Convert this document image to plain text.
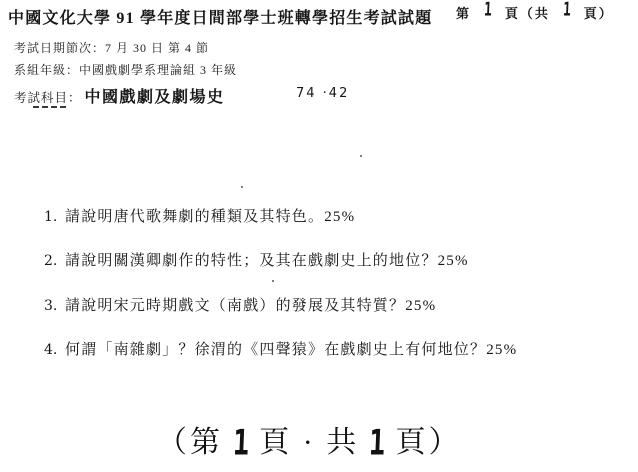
中國文化大學 91 學年度日間部學士班轉學招生考試試題 第 1 頁（共 1 頁）
考試日期節次：7 月 30 日 第 4 節
系組年級：中國戲劇學系理論組 3 年級
考試科目： 中國戲劇及劇場史	74 ·42
1. 請說明唐代歌舞劇的種類及其特色。25%
2. 請說明關漢卿劇作的特性；及其在戲劇史上的地位？25%
3. 請說明宋元時期戲文（南戲）的發展及其特質？25%
4. 何謂「南雜劇」？徐渭的《四聲猿》在戲劇史上有何地位？25%
（第 1 頁 · 共 1 頁）
